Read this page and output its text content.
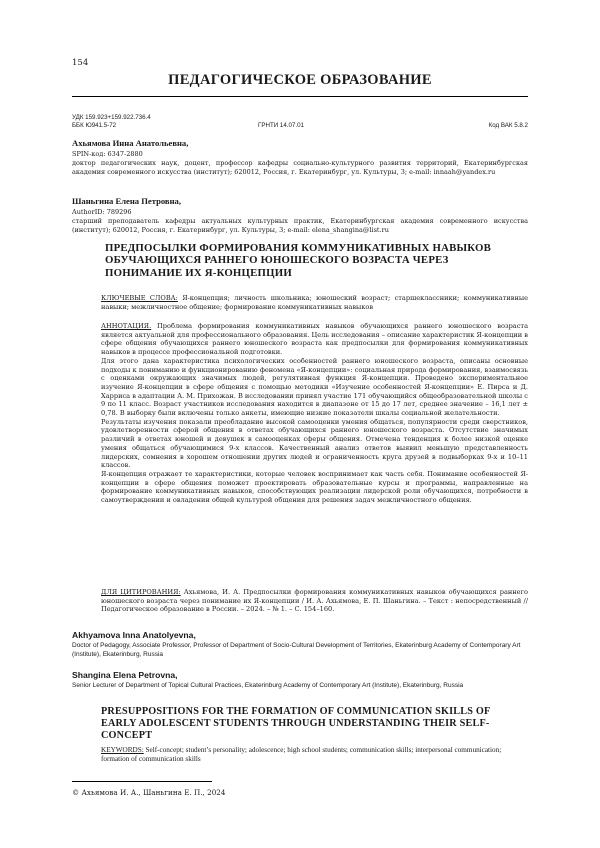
154
ПЕДАГОГИЧЕСКОЕ ОБРАЗОВАНИЕ
УДК 159.923+159.922.736.4
ББК Ю941.5-72	ГРНТИ 14.07.01	Код ВАК 5.8.2
Ахьямова Инна Анатольевна,
SPIN-код: 6347-2880
доктор педагогических наук, доцент, профессор кафедры социально-культурного развития территорий, Екатеринбургская академия современного искусства (институт); 620012, Россия, г. Екатеринбург, ул. Культуры, 3; e-mail: innaah@yandex.ru
Шаньгина Елена Петровна,
AuthorID: 789296
старший преподаватель кафедры актуальных культурных практик, Екатеринбургская академия современного искусства (институт); 620012, Россия, г. Екатеринбург, ул. Культуры, 3; e-mail: elena_shangina@list.ru
ПРЕДПОСЫЛКИ ФОРМИРОВАНИЯ КОММУНИКАТИВНЫХ НАВЫКОВ ОБУЧАЮЩИХСЯ РАННЕГО ЮНОШЕСКОГО ВОЗРАСТА ЧЕРЕЗ ПОНИМАНИЕ ИХ Я-КОНЦЕПЦИИ
КЛЮЧЕВЫЕ СЛОВА: Я-концепция; личность школьника; юношеский возраст; старшеклассники; коммуникативные навыки; межличностное общение; формирование коммуникативных навыков

АННОТАЦИЯ. Проблема формирования коммуникативных навыков обучающихся раннего юношеского возраста является актуальной для профессионального образования. Цель исследования – описание характеристик Я-концепции в сфере общения обучающихся раннего юношеского возраста как предпосылки для формирования коммуникативных навыков в процессе профессиональной подготовки.

Для этого дана характеристика психологических особенностей раннего юношеского возраста, описаны основные подходы к пониманию и функционированию феномена «Я-концепции»: социальная природа формирования, взаимосвязь с оценками окружающих значимых людей, регулятивная функция Я-концепции. Проведено экспериментальное изучение Я-концепции в сфере общения с помощью методики «Изучение особенностей Я-концепции» Е. Пирса и Д. Харриса в адаптации А. М. Прихожан. В исследовании принял участие 171 обучающийся общеобразовательной школы с 9 по 11 класс. Возраст участников исследования находится в диапазоне от 15 до 17 лет, среднее значение – 16,1 лет ± 0,78. В выборку были включены только анкеты, имеющие низкие показатели шкалы социальной желательности.

Результаты изучения показали преобладание высокой самооценки умения общаться, популярности среди сверстников, удовлетворенности сферой общения в ответах обучающихся раннего юношеского возраста. Отсутствие значимых различий в ответах юношей и девушек в самооценках сферы общения. Отмечена тенденция к более низкой оценке умения общаться обучающимися 9-х классов. Качественный анализ ответов выявил меньшую представленность лидерских, сомнения в хорошем отношении других людей и ограниченность круга друзей в подвыборках 9-х и 10–11 классов.

Я-концепция отражает те характеристики, которые человек воспринимает как часть себя. Понимание особенностей Я-концепции в сфере общения поможет проектировать образовательные курсы и программы, направленные на формирование коммуникативных навыков, способствующих реализации лидерской роли обучающихся, потребности в самоутверждении и овладении общей культурой общения для решения задач межличностного общения.

ДЛЯ ЦИТИРОВАНИЯ: Ахьямова, И. А. Предпосылки формирования коммуникативных навыков обучающихся раннего юношеского возраста через понимание их Я-концепции / И. А. Ахьямова, Е. П. Шаньгина. – Текст : непосредственный // Педагогическое образование в России. – 2024. – № 1. – С. 154–160.
Akhyamova Inna Anatolyevna,
Doctor of Pedagogy, Associate Professor, Professor of Department of Socio-Cultural Development of Territories, Ekaterinburg Academy of Contemporary Art (Institute), Ekaterinburg, Russia
Shangina Elena Petrovna,
Senior Lecturer of Department of Topical Cultural Practices, Ekaterinburg Academy of Contemporary Art (Institute), Ekaterinburg, Russia
PRESUPPOSITIONS FOR THE FORMATION OF COMMUNICATION SKILLS OF EARLY ADOLESCENT STUDENTS THROUGH UNDERSTANDING THEIR SELF-CONCEPT
KEYWORDS: Self-concept; student’s personality; adolescence; high school students; communication skills; interpersonal communication; formation of communication skills
© Ахьямова И. А., Шаньгина Е. П., 2024
